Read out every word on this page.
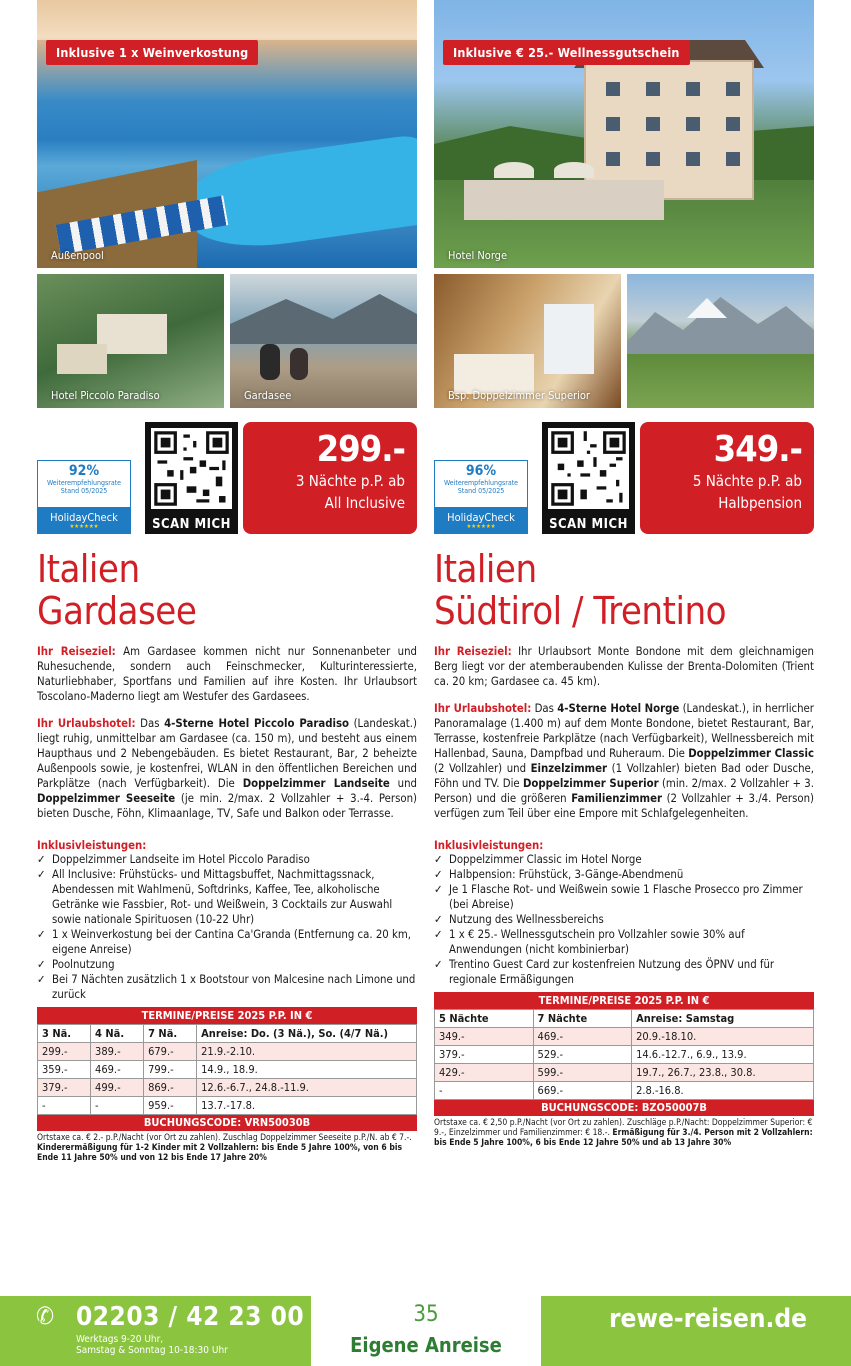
Inklusive 1 x Weinverkostung
Außenpool
Hotel Piccolo Paradiso	Gardasee
92%
Weiterempfehlungsrate
Stand 05/2025
HolidayCheck
★★★★★★	SCAN MICH
299.-
3 Nächte p.P. ab
All Inclusive
Italien
Gardasee

Ihr Reiseziel: Am Gardasee kommen nicht nur Sonnenanbeter und Ruhesuchende, sondern auch Feinschmecker, Kulturinteressierte, Naturliebhaber, Sportfans und Familien auf ihre Kosten. Ihr Urlaubsort Toscolano-Maderno liegt am Westufer des Gardasees.

Ihr Urlaubshotel: Das 4-Sterne Hotel Piccolo Paradiso (Landeskat.) liegt ruhig, unmittelbar am Gardasee (ca. 150 m), und besteht aus einem Haupthaus und 2 Nebengebäuden. Es bietet Restaurant, Bar, 2 beheizte Außenpools sowie, je kostenfrei, WLAN in den öffentlichen Bereichen und Parkplätze (nach Verfügbarkeit). Die Doppelzimmer Landseite und Doppelzimmer Seeseite (je min. 2/max. 2 Vollzahler + 3.-4. Person) bieten Dusche, Föhn, Klimaanlage, TV, Safe und Balkon oder Terrasse.

Inklusivleistungen:
✓ Doppelzimmer Landseite im Hotel Piccolo Paradiso
✓ All Inclusive: Frühstücks- und Mittagsbuffet, Nachmittagssnack, Abendessen mit Wahlmenü, Softdrinks, Kaffee, Tee, alkoholische Getränke wie Fassbier, Rot- und Weißwein, 3 Cocktails zur Auswahl sowie nationale Spirituosen (10-22 Uhr)
✓ 1 x Weinverkostung bei der Cantina Ca'Granda (Entfernung ca. 20 km, eigene Anreise)
✓ Poolnutzung
✓ Bei 7 Nächten zusätzlich 1 x Bootstour von Malcesine nach Limone und zurück
TERMINE/PREISE 2025 P.P. IN €
3 Nä.	4 Nä.	7 Nä.	Anreise: Do. (3 Nä.), So. (4/7 Nä.)
299.-	389.-	679.-	21.9.-2.10.
359.-	469.-	799.-	14.9., 18.9.
379.-	499.-	869.-	12.6.-6.7., 24.8.-11.9.
-	-	959.-	13.7.-17.8.
BUCHUNGSCODE: VRN50030B
Ortstaxe ca. € 2.- p.P./Nacht (vor Ort zu zahlen). Zuschlag Doppelzimmer Seeseite p.P./N. ab € 7.-. Kinderermäßigung für 1-2 Kinder mit 2 Vollzahlern: bis Ende 5 Jahre 100%, von 6 bis Ende 11 Jahre 50% und von 12 bis Ende 17 Jahre 20%
Inklusive € 25.- Wellnessgutschein
Hotel Norge
Bsp. Doppelzimmer Superior
96%
Weiterempfehlungsrate
Stand 05/2025
HolidayCheck
★★★★★★	SCAN MICH
349.-
5 Nächte p.P. ab
Halbpension
Italien
Südtirol / Trentino

Ihr Reiseziel: Ihr Urlaubsort Monte Bondone mit dem gleichnamigen Berg liegt vor der atemberaubenden Kulisse der Brenta-Dolomiten (Trient ca. 20 km; Gardasee ca. 45 km).

Ihr Urlaubshotel: Das 4-Sterne Hotel Norge (Landeskat.), in herrlicher Panoramalage (1.400 m) auf dem Monte Bondone, bietet Restaurant, Bar, Terrasse, kostenfreie Parkplätze (nach Verfügbarkeit), Wellnessbereich mit Hallenbad, Sauna, Dampfbad und Ruheraum. Die Doppelzimmer Classic (2 Vollzahler) und Einzelzimmer (1 Vollzahler) bieten Bad oder Dusche, Föhn und TV. Die Doppelzimmer Superior (min. 2/max. 2 Vollzahler + 3. Person) und die größeren Familienzimmer (2 Vollzahler + 3./4. Person) verfügen zum Teil über eine Empore mit Schlafgelegenheiten.

Inklusivleistungen:
✓ Doppelzimmer Classic im Hotel Norge
✓ Halbpension: Frühstück, 3-Gänge-Abendmenü
✓ Je 1 Flasche Rot- und Weißwein sowie 1 Flasche Prosecco pro Zimmer (bei Abreise)
✓ Nutzung des Wellnessbereichs
✓ 1 x € 25.- Wellnessgutschein pro Vollzahler sowie 30% auf Anwendungen (nicht kombinierbar)
✓ Trentino Guest Card zur kostenfreien Nutzung des ÖPNV und für regionale Ermäßigungen
TERMINE/PREISE 2025 P.P. IN €
5 Nächte	7 Nächte	Anreise: Samstag
349.-	469.-	20.9.-18.10.
379.-	529.-	14.6.-12.7., 6.9., 13.9.
429.-	599.-	19.7., 26.7., 23.8., 30.8.
-	669.-	2.8.-16.8.
BUCHUNGSCODE: BZO50007B
Ortstaxe ca. € 2,50 p.P./Nacht (vor Ort zu zahlen). Zuschläge p.P./Nacht: Doppelzimmer Superior: € 9.-, Einzelzimmer und Familienzimmer: € 18.-. Ermäßigung für 3./4. Person mit 2 Vollzahlern: bis Ende 5 Jahre 100%, 6 bis Ende 12 Jahre 50% und ab 13 Jahre 30%
✆ 02203 / 42 23 00
Werktags 9-20 Uhr,
Samstag & Sonntag 10-18:30 Uhr
35
Eigene Anreise
rewe-reisen.de
